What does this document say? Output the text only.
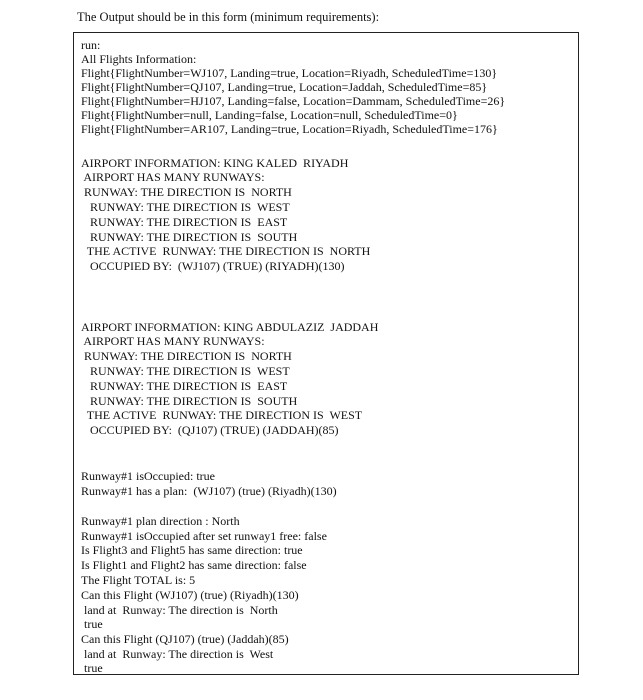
The Output should be in this form (minimum requirements):
run:
All Flights Information:
Flight{FlightNumber=WJ107, Landing=true, Location=Riyadh, ScheduledTime=130}
Flight{FlightNumber=QJ107, Landing=true, Location=Jaddah, ScheduledTime=85}
Flight{FlightNumber=HJ107, Landing=false, Location=Dammam, ScheduledTime=26}
Flight{FlightNumber=null, Landing=false, Location=null, ScheduledTime=0}
Flight{FlightNumber=AR107, Landing=true, Location=Riyadh, ScheduledTime=176}
AIRPORT INFORMATION: KING KALED  RIYADH
AIRPORT HAS MANY RUNWAYS:
RUNWAY: THE DIRECTION IS  NORTH
RUNWAY: THE DIRECTION IS  WEST
RUNWAY: THE DIRECTION IS  EAST
RUNWAY: THE DIRECTION IS  SOUTH
THE ACTIVE  RUNWAY: THE DIRECTION IS  NORTH
OCCUPIED BY:  (WJ107) (TRUE) (RIYADH)(130)
AIRPORT INFORMATION: KING ABDULAZIZ  JADDAH
AIRPORT HAS MANY RUNWAYS:
RUNWAY: THE DIRECTION IS  NORTH
RUNWAY: THE DIRECTION IS  WEST
RUNWAY: THE DIRECTION IS  EAST
RUNWAY: THE DIRECTION IS  SOUTH
THE ACTIVE  RUNWAY: THE DIRECTION IS  WEST
OCCUPIED BY:  (QJ107) (TRUE) (JADDAH)(85)
Runway#1 isOccupied: true
Runway#1 has a plan:  (WJ107) (true) (Riyadh)(130)
Runway#1 plan direction : North
Runway#1 isOccupied after set runway1 free: false
Is Flight3 and Flight5 has same direction: true
Is Flight1 and Flight2 has same direction: false
The Flight TOTAL is: 5
Can this Flight (WJ107) (true) (Riyadh)(130)
land at  Runway: The direction is  North
true
Can this Flight (QJ107) (true) (Jaddah)(85)
land at  Runway: The direction is  West
true
